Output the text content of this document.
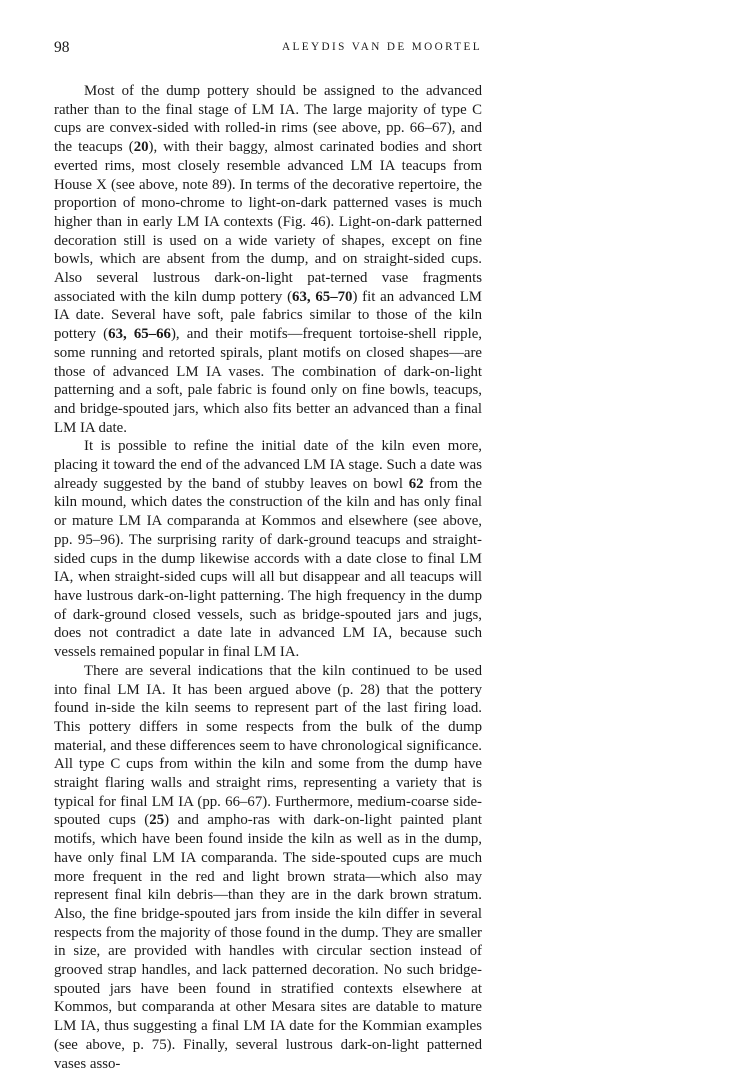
98	ALEYDIS VAN DE MOORTEL

Most of the dump pottery should be assigned to the advanced rather than to the final stage of LM IA. The large majority of type C cups are convex-sided with rolled-in rims (see above, pp. 66–67), and the teacups (20), with their baggy, almost carinated bodies and short everted rims, most closely resemble advanced LM IA teacups from House X (see above, note 89). In terms of the decorative repertoire, the proportion of mono-chrome to light-on-dark patterned vases is much higher than in early LM IA contexts (Fig. 46). Light-on-dark patterned decoration still is used on a wide variety of shapes, except on fine bowls, which are absent from the dump, and on straight-sided cups. Also several lustrous dark-on-light pat-terned vase fragments associated with the kiln dump pottery (63, 65–70) fit an advanced LM IA date. Several have soft, pale fabrics similar to those of the kiln pottery (63, 65–66), and their motifs—frequent tortoise-shell ripple, some running and retorted spirals, plant motifs on closed shapes—are those of advanced LM IA vases. The combination of dark-on-light patterning and a soft, pale fabric is found only on fine bowls, teacups, and bridge-spouted jars, which also fits better an advanced than a final LM IA date.

It is possible to refine the initial date of the kiln even more, placing it toward the end of the advanced LM IA stage. Such a date was already suggested by the band of stubby leaves on bowl 62 from the kiln mound, which dates the construction of the kiln and has only final or mature LM IA comparanda at Kommos and elsewhere (see above, pp. 95–96). The surprising rarity of dark-ground teacups and straight-sided cups in the dump likewise accords with a date close to final LM IA, when straight-sided cups will all but disappear and all teacups will have lustrous dark-on-light patterning. The high frequency in the dump of dark-ground closed vessels, such as bridge-spouted jars and jugs, does not contradict a date late in advanced LM IA, because such vessels remained popular in final LM IA.

There are several indications that the kiln continued to be used into final LM IA. It has been argued above (p. 28) that the pottery found in-side the kiln seems to represent part of the last firing load. This pottery differs in some respects from the bulk of the dump material, and these differences seem to have chronological significance. All type C cups from within the kiln and some from the dump have straight flaring walls and straight rims, representing a variety that is typical for final LM IA (pp. 66–67). Furthermore, medium-coarse side-spouted cups (25) and ampho-ras with dark-on-light painted plant motifs, which have been found inside the kiln as well as in the dump, have only final LM IA comparanda. The side-spouted cups are much more frequent in the red and light brown strata—which also may represent final kiln debris—than they are in the dark brown stratum. Also, the fine bridge-spouted jars from inside the kiln differ in several respects from the majority of those found in the dump. They are smaller in size, are provided with handles with circular section instead of grooved strap handles, and lack patterned decoration. No such bridge-spouted jars have been found in stratified contexts elsewhere at Kommos, but comparanda at other Mesara sites are datable to mature LM IA, thus suggesting a final LM IA date for the Kommian examples (see above, p. 75). Finally, several lustrous dark-on-light patterned vases asso-
